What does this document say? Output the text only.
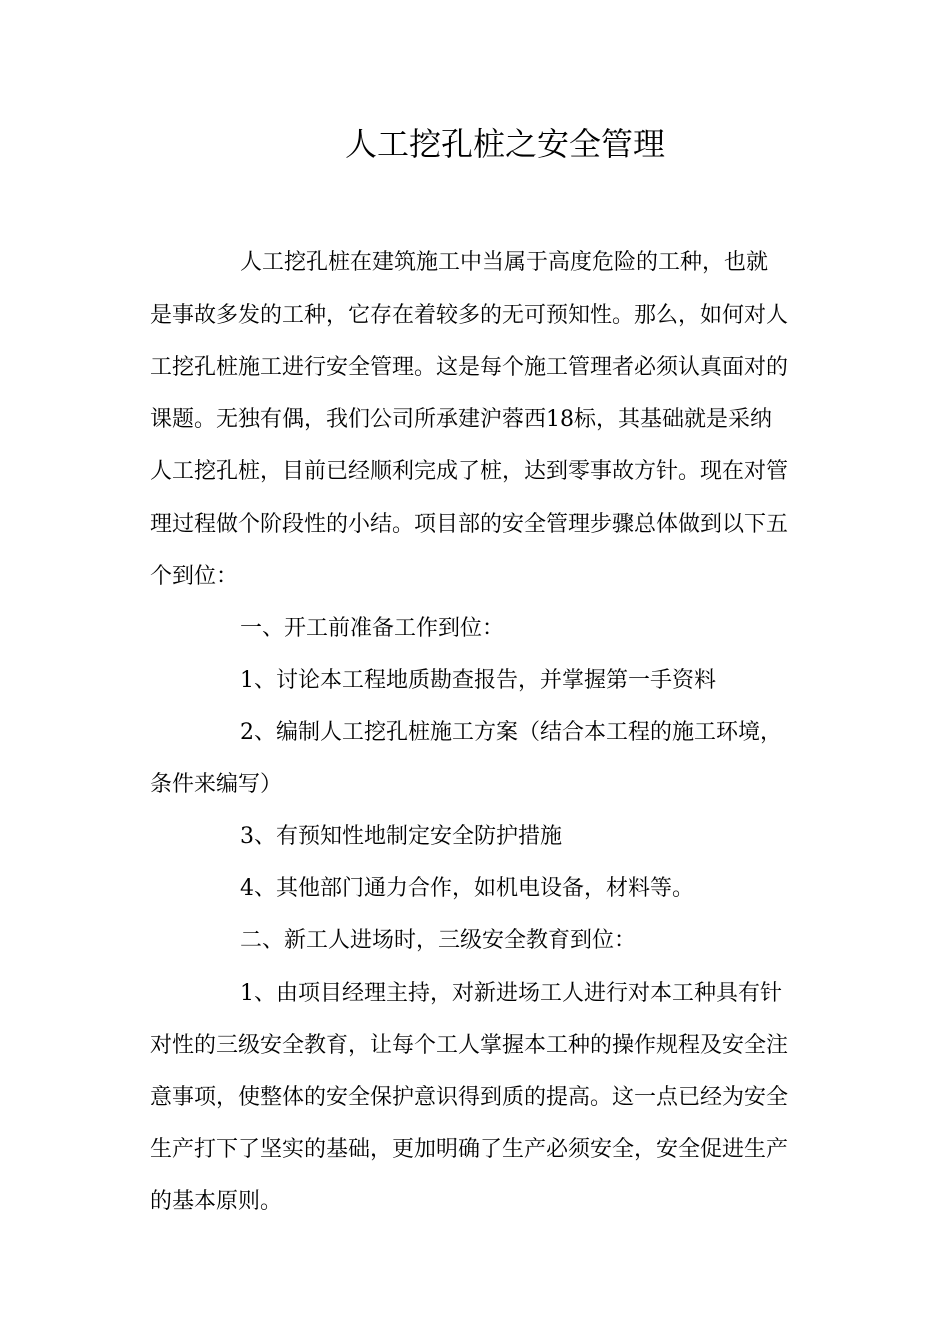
人工挖孔桩之安全管理
人工挖孔桩在建筑施工中当属于高度危险的工种，也就
是事故多发的工种，它存在着较多的无可预知性。那么，如何对人
工挖孔桩施工进行安全管理。这是每个施工管理者必须认真面对的
课题。无独有偶，我们公司所承建沪蓉西18标，其基础就是采纳
人工挖孔桩，目前已经顺利完成了桩，达到零事故方针。现在对管
理过程做个阶段性的小结。项目部的安全管理步骤总体做到以下五
个到位：
一、开工前准备工作到位：
1、讨论本工程地质勘查报告，并掌握第一手资料
2、编制人工挖孔桩施工方案（结合本工程的施工环境，
条件来编写）
3、有预知性地制定安全防护措施
4、其他部门通力合作，如机电设备，材料等。
二、新工人进场时，三级安全教育到位：
1、由项目经理主持，对新进场工人进行对本工种具有针
对性的三级安全教育，让每个工人掌握本工种的操作规程及安全注
意事项，使整体的安全保护意识得到质的提高。这一点已经为安全
生产打下了坚实的基础，更加明确了生产必须安全，安全促进生产
的基本原则。
